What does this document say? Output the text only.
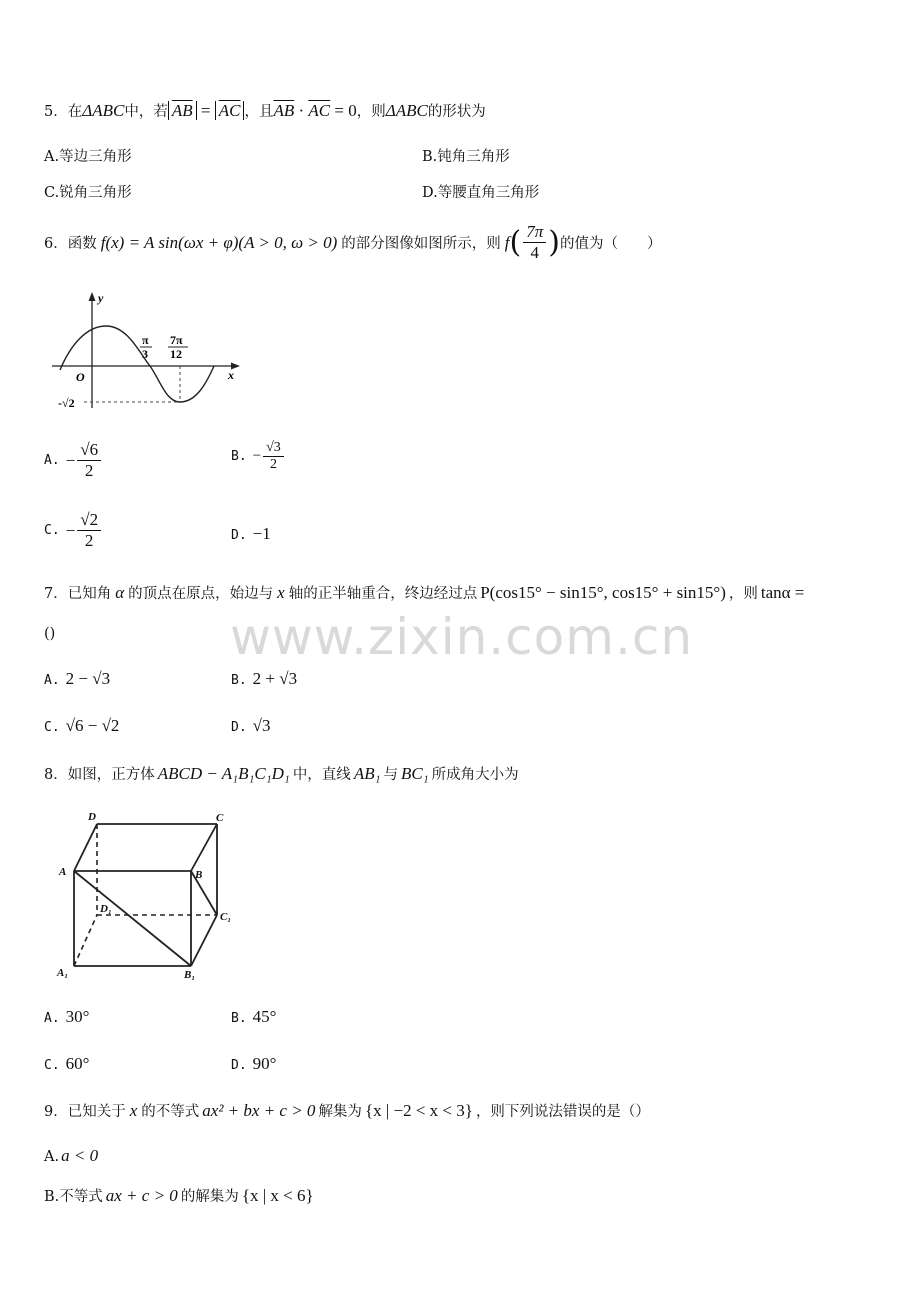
www.zixin.com.cn
5．在ΔABC中，若 $\overline{AB} = \overline{AC}$ ，且$\overline{AB} \cdot \overline{AC} = 0$，则ΔABC的形状为
A.等边三角形	B.钝角三角形
C.锐角三角形	D.等腰直角三角形
6． 函数 f(x) = A sin(ωx + φ)(A > 0, ω > 0) 的部分图像如图所示，则 f ( $\frac{7\pi}{4}$ ) 的值为（　　）
y
x
O
π
3
7π
12
-√2
A. − $\frac{√6}{2}$	B. − $\frac{√3}{2}$
C. − $\frac{√2}{2}$	D. −1
7．已知角 α 的顶点在原点，始边与 x 轴的正半轴重合，终边经过点 P(cos15° − sin15°, cos15° + sin15°) ，则 tanα =
()
A. 2 − √3	B. 2 + √3
C. √6 − √2	D. √3
8．如图，正方体 ABCD − A₁B₁C₁D₁ 中，直线 AB₁ 与 BC₁ 所成角大小为
D	C
A	B
D₁
C₁
A₁	B₁
A. 30°	B. 45°
C. 60°	D. 90°
9．已知关于 x 的不等式 ax² + bx + c > 0 解集为 {x | −2 < x < 3} ，则下列说法错误的是（）
A. a < 0
B.不等式 ax + c > 0 的解集为 {x | x < 6}
